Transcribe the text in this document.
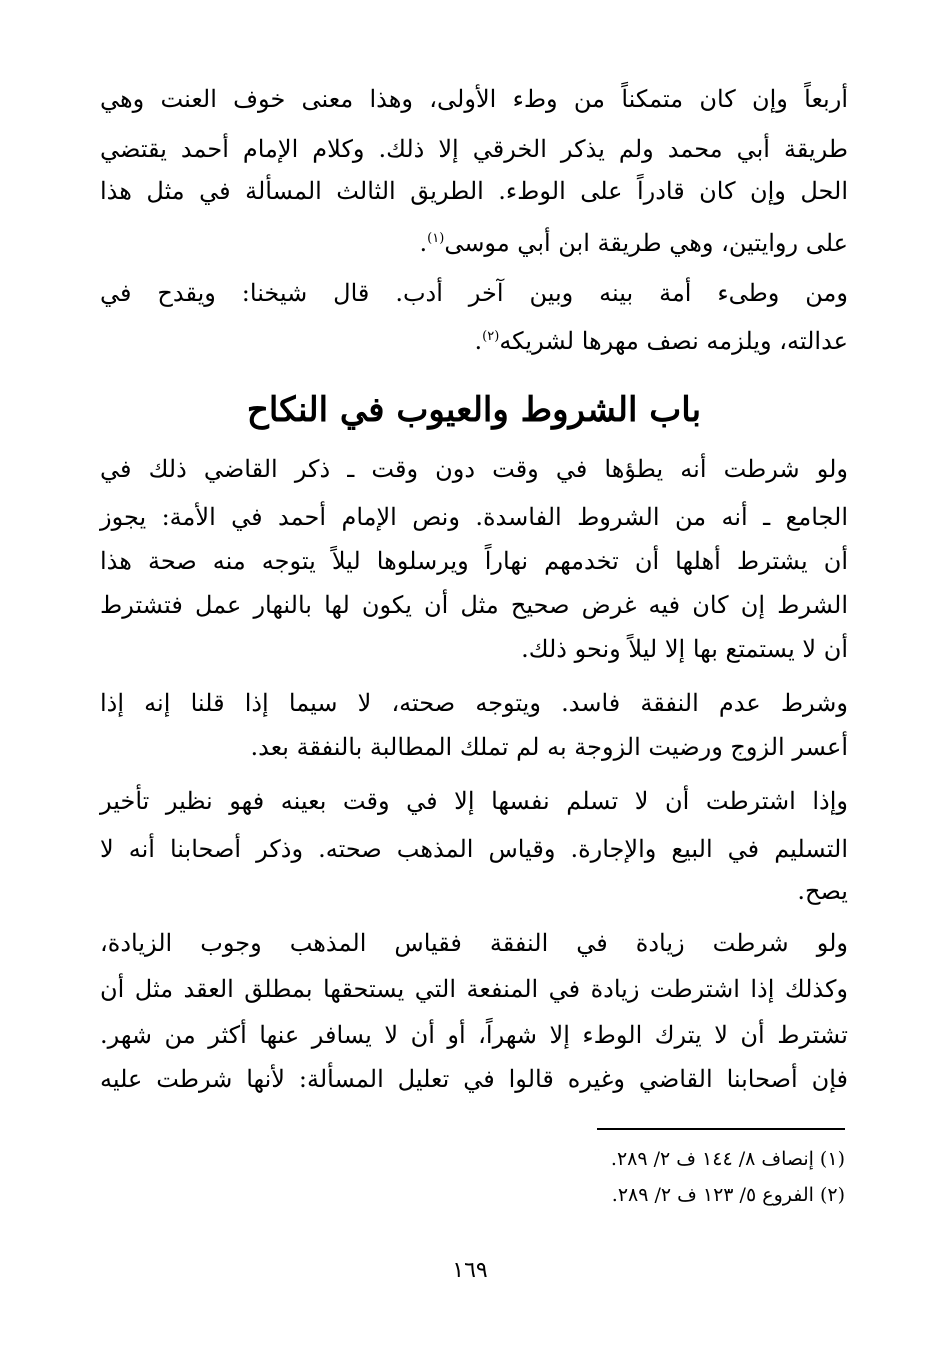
أربعاً وإن كان متمكناً من وطء الأولى، وهذا معنى خوف العنت وهي
طريقة أبي محمد ولم يذكر الخرقي إلا ذلك. وكلام الإمام أحمد يقتضي
الحل وإن كان قادراً على الوطء. الطريق الثالث المسألة في مثل هذا
على روايتين، وهي طريقة ابن أبي موسى$^{(١)}$.
ومن وطىء أمة بينه وبين آخر أدب. قال شيخنا: ويقدح في
عدالته، ويلزمه نصف مهرها لشريكه$^{(٢)}$.
باب الشروط والعيوب في النكاح
ولو شرطت أنه يطؤها في وقت دون وقت ـ ذكر القاضي ذلك في
الجامع ـ أنه من الشروط الفاسدة. ونص الإمام أحمد في الأمة: يجوز
أن يشترط أهلها أن تخدمهم نهاراً ويرسلوها ليلاً يتوجه منه صحة هذا
الشرط إن كان فيه غرض صحيح مثل أن يكون لها بالنهار عمل فتشترط
أن لا يستمتع بها إلا ليلاً ونحو ذلك.
وشرط عدم النفقة فاسد. ويتوجه صحته، لا سيما إذا قلنا إنه إذا
أعسر الزوج ورضيت الزوجة به لم تملك المطالبة بالنفقة بعد.
وإذا اشترطت أن لا تسلم نفسها إلا في وقت بعينه فهو نظير تأخير
التسليم في البيع والإجارة. وقياس المذهب صحته. وذكر أصحابنا أنه لا
يصح.
ولو شرطت زيادة في النفقة فقياس المذهب وجوب الزيادة،
وكذلك إذا اشترطت زيادة في المنفعة التي يستحقها بمطلق العقد مثل أن
تشترط أن لا يترك الوطء إلا شهراً، أو أن لا يسافر عنها أكثر من شهر.
فإن أصحابنا القاضي وغيره قالوا في تعليل المسألة: لأنها شرطت عليه
(١) إنصاف ٨/ ١٤٤ ف ٢/ ٢٨٩.
(٢) الفروع ٥/ ١٢٣ ف ٢/ ٢٨٩.
١٦٩
